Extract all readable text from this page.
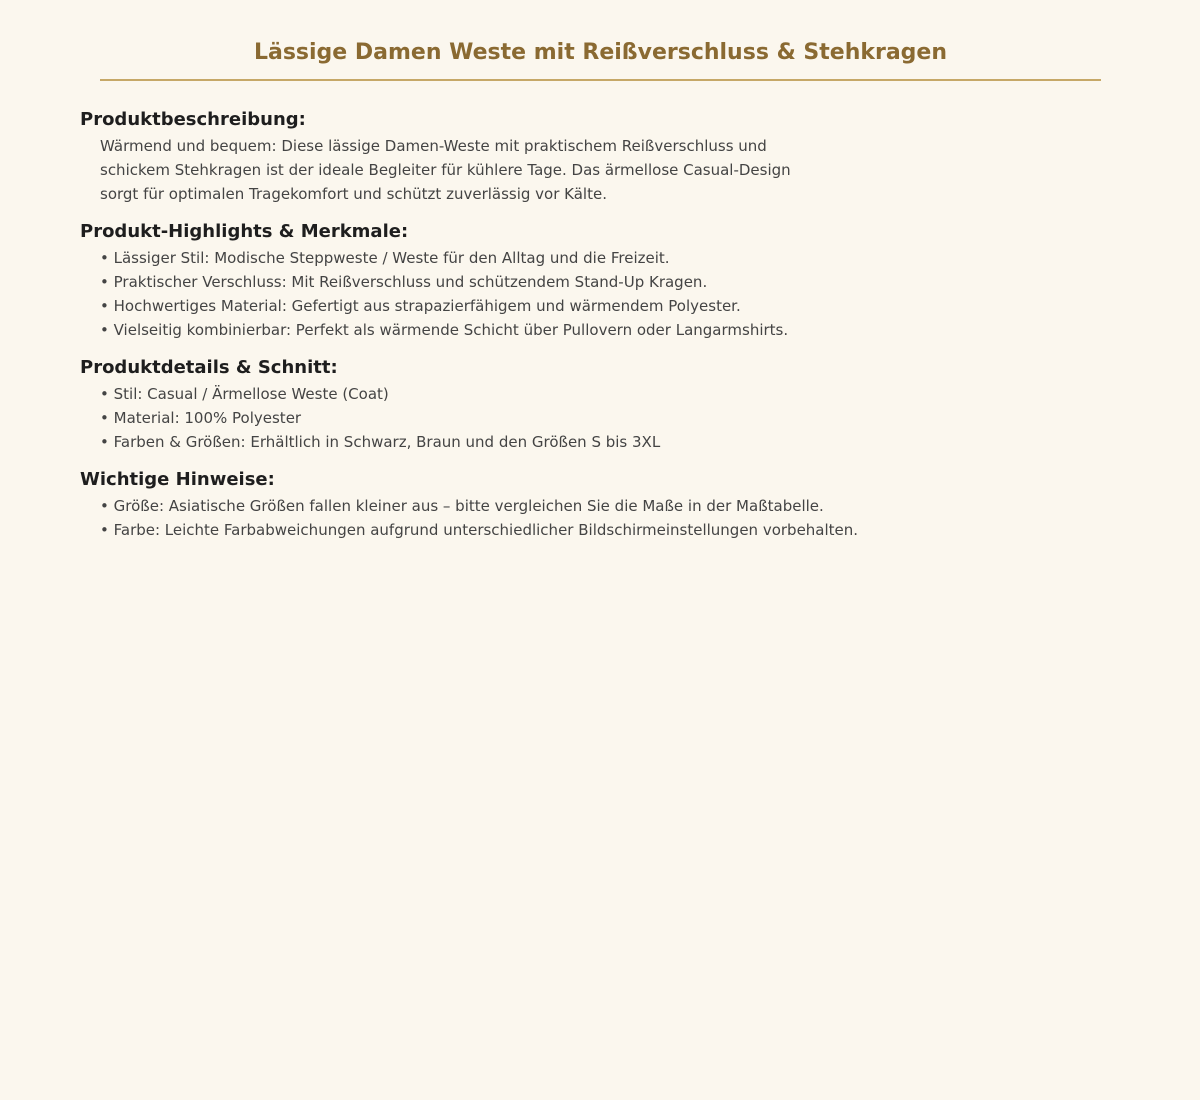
Lässige Damen Weste mit Reißverschluss & Stehkragen
Produktbeschreibung:
Wärmend und bequem: Diese lässige Damen-Weste mit praktischem Reißverschluss und schickem Stehkragen ist der ideale Begleiter für kühlere Tage. Das ärmellose Casual-Design sorgt für optimalen Tragekomfort und schützt zuverlässig vor Kälte.
Produkt-Highlights & Merkmale:
• Lässiger Stil: Modische Steppweste / Weste für den Alltag und die Freizeit.
• Praktischer Verschluss: Mit Reißverschluss und schützendem Stand-Up Kragen.
• Hochwertiges Material: Gefertigt aus strapazierfähigem und wärmendem Polyester.
• Vielseitig kombinierbar: Perfekt als wärmende Schicht über Pullovern oder Langarmshirts.
Produktdetails & Schnitt:
• Stil: Casual / Ärmellose Weste (Coat)
• Material: 100% Polyester
• Farben & Größen: Erhältlich in Schwarz, Braun und den Größen S bis 3XL
Wichtige Hinweise:
• Größe: Asiatische Größen fallen kleiner aus – bitte vergleichen Sie die Maße in der Maßtabelle.
• Farbe: Leichte Farbabweichungen aufgrund unterschiedlicher Bildschirmeinstellungen vorbehalten.
